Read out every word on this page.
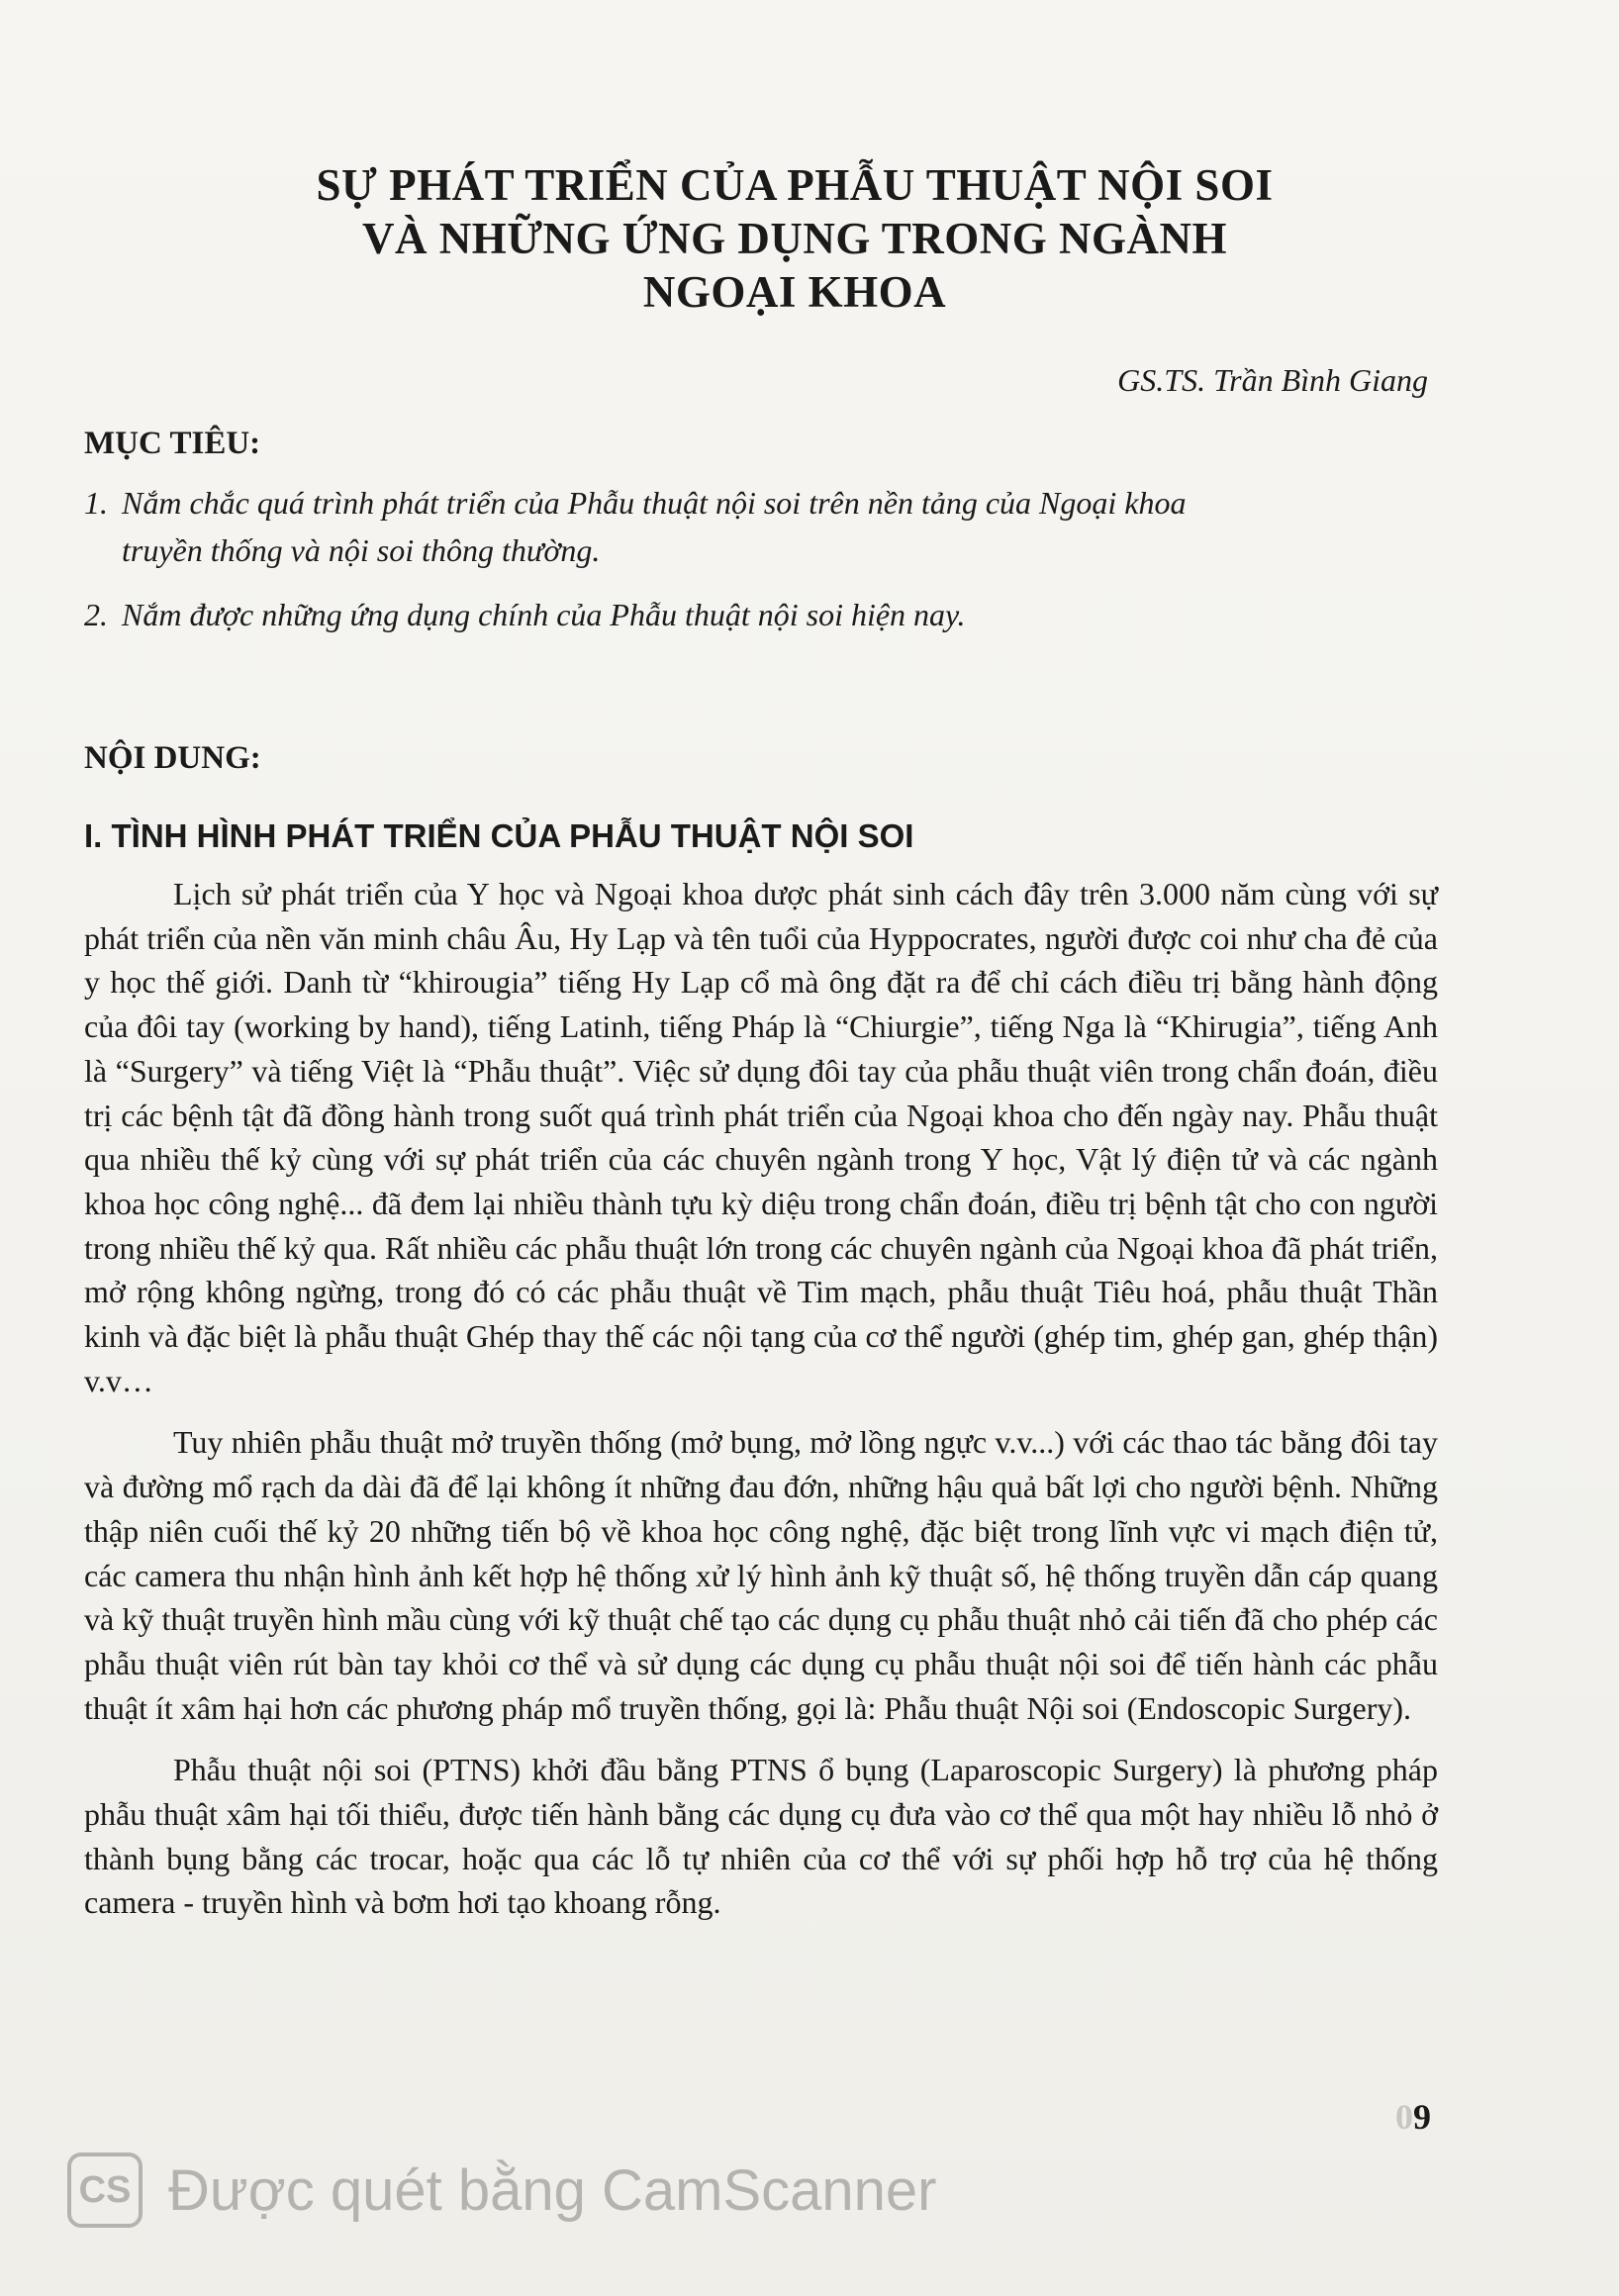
SỰ PHÁT TRIỂN CỦA PHẪU THUẬT NỘI SOI
VÀ NHỮNG ỨNG DỤNG TRONG NGÀNH
NGOẠI KHOA
GS.TS. Trần Bình Giang
MỤC TIÊU:
1. Nắm chắc quá trình phát triển của Phẫu thuật nội soi trên nền tảng của Ngoại khoa
truyền thống và nội soi thông thường.
2. Nắm được những ứng dụng chính của Phẫu thuật nội soi hiện nay.
NỘI DUNG:
I. TÌNH HÌNH PHÁT TRIỂN CỦA PHẪU THUẬT NỘI SOI

Lịch sử phát triển của Y học và Ngoại khoa dược phát sinh cách đây trên 3.000 năm cùng với sự phát triển của nền văn minh châu Âu, Hy Lạp và tên tuổi của Hyppocrates, người được coi như cha đẻ của y học thế giới. Danh từ “khirougia” tiếng Hy Lạp cổ mà ông đặt ra để chỉ cách điều trị bằng hành động của đôi tay (working by hand), tiếng Latinh, tiếng Pháp là “Chiurgie”, tiếng Nga là “Khirugia”, tiếng Anh là “Surgery” và tiếng Việt là “Phẫu thuật”. Việc sử dụng đôi tay của phẫu thuật viên trong chẩn đoán, điều trị các bệnh tật đã đồng hành trong suốt quá trình phát triển của Ngoại khoa cho đến ngày nay. Phẫu thuật qua nhiều thế kỷ cùng với sự phát triển của các chuyên ngành trong Y học, Vật lý điện tử và các ngành khoa học công nghệ... đã đem lại nhiều thành tựu kỳ diệu trong chẩn đoán, điều trị bệnh tật cho con người trong nhiều thế kỷ qua. Rất nhiều các phẫu thuật lớn trong các chuyên ngành của Ngoại khoa đã phát triển, mở rộng không ngừng, trong đó có các phẫu thuật về Tim mạch, phẫu thuật Tiêu hoá, phẫu thuật Thần kinh và đặc biệt là phẫu thuật Ghép thay thế các nội tạng của cơ thể người (ghép tim, ghép gan, ghép thận) v.v…

Tuy nhiên phẫu thuật mở truyền thống (mở bụng, mở lồng ngực v.v...) với các thao tác bằng đôi tay và đường mổ rạch da dài đã để lại không ít những đau đớn, những hậu quả bất lợi cho người bệnh. Những thập niên cuối thế kỷ 20 những tiến bộ về khoa học công nghệ, đặc biệt trong lĩnh vực vi mạch điện tử, các camera thu nhận hình ảnh kết hợp hệ thống xử lý hình ảnh kỹ thuật số, hệ thống truyền dẫn cáp quang và kỹ thuật truyền hình mầu cùng với kỹ thuật chế tạo các dụng cụ phẫu thuật nhỏ cải tiến đã cho phép các phẫu thuật viên rút bàn tay khỏi cơ thể và sử dụng các dụng cụ phẫu thuật nội soi để tiến hành các phẫu thuật ít xâm hại hơn các phương pháp mổ truyền thống, gọi là: Phẫu thuật Nội soi (Endoscopic Surgery).

Phẫu thuật nội soi (PTNS) khởi đầu bằng PTNS ổ bụng (Laparoscopic Surgery) là phương pháp phẫu thuật xâm hại tối thiểu, được tiến hành bằng các dụng cụ đưa vào cơ thể qua một hay nhiều lỗ nhỏ ở thành bụng bằng các trocar, hoặc qua các lỗ tự nhiên của cơ thể với sự phối hợp hỗ trợ của hệ thống camera - truyền hình và bơm hơi tạo khoang rỗng.

09
CS Được quét bằng CamScanner
